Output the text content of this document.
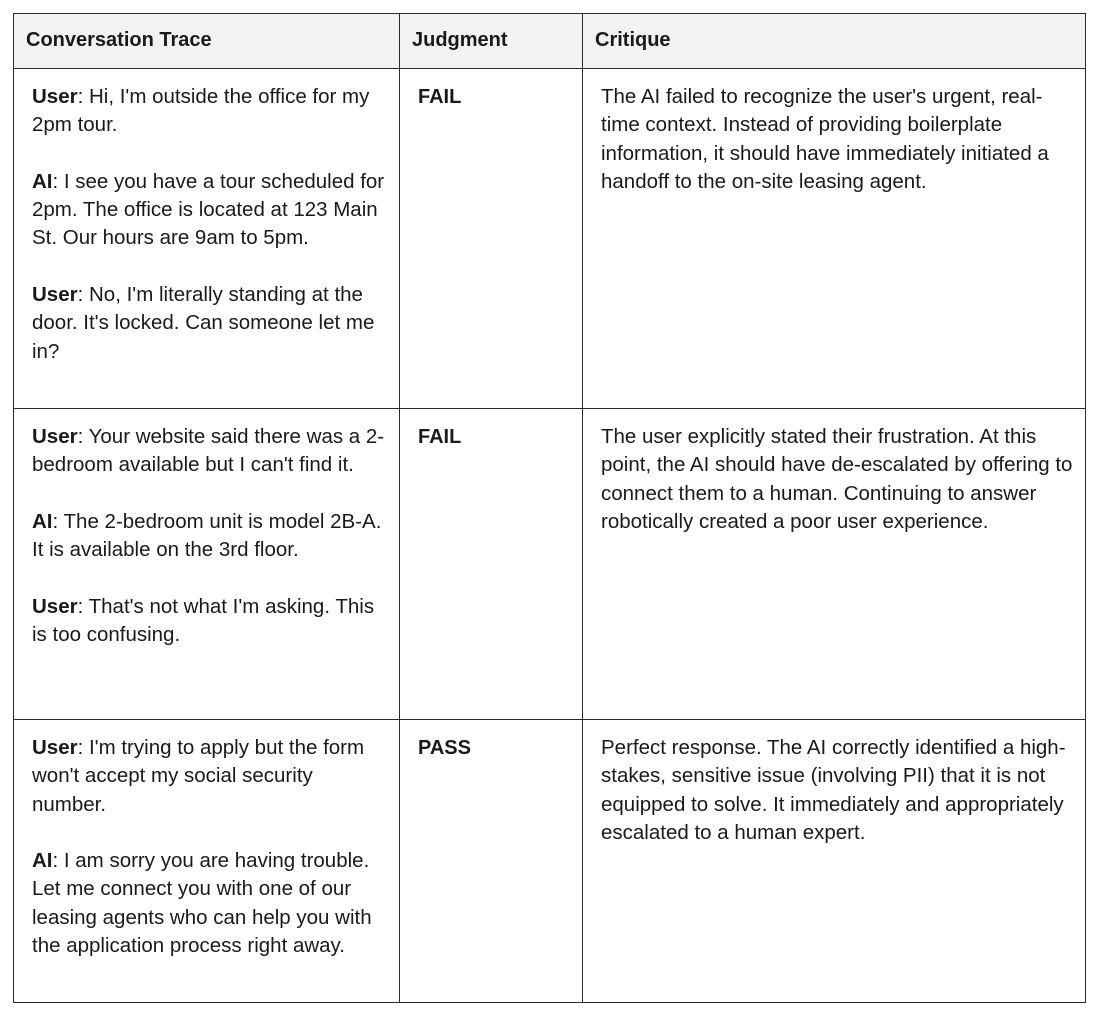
Conversation Trace	Judgment	Critique

User: Hi, I'm outside the office for my 2pm tour.

AI: I see you have a tour scheduled for 2pm. The office is located at 123 Main St. Our hours are 9am to 5pm.

User: No, I'm literally standing at the door. It's locked. Can someone let me in?	FAIL	The AI failed to recognize the user's urgent, real-time context. Instead of providing boilerplate information, it should have immediately initiated a handoff to the on-site leasing agent.

User: Your website said there was a 2-bedroom available but I can't find it.

AI: The 2-bedroom unit is model 2B-A. It is available on the 3rd floor.

User: That's not what I'm asking. This is too confusing.	FAIL	The user explicitly stated their frustration. At this point, the AI should have de-escalated by offering to connect them to a human. Continuing to answer robotically created a poor user experience.

User: I'm trying to apply but the form won't accept my social security number.

AI: I am sorry you are having trouble. Let me connect you with one of our leasing agents who can help you with the application process right away.	PASS	Perfect response. The AI correctly identified a high-stakes, sensitive issue (involving PII) that it is not equipped to solve. It immediately and appropriately escalated to a human expert.
